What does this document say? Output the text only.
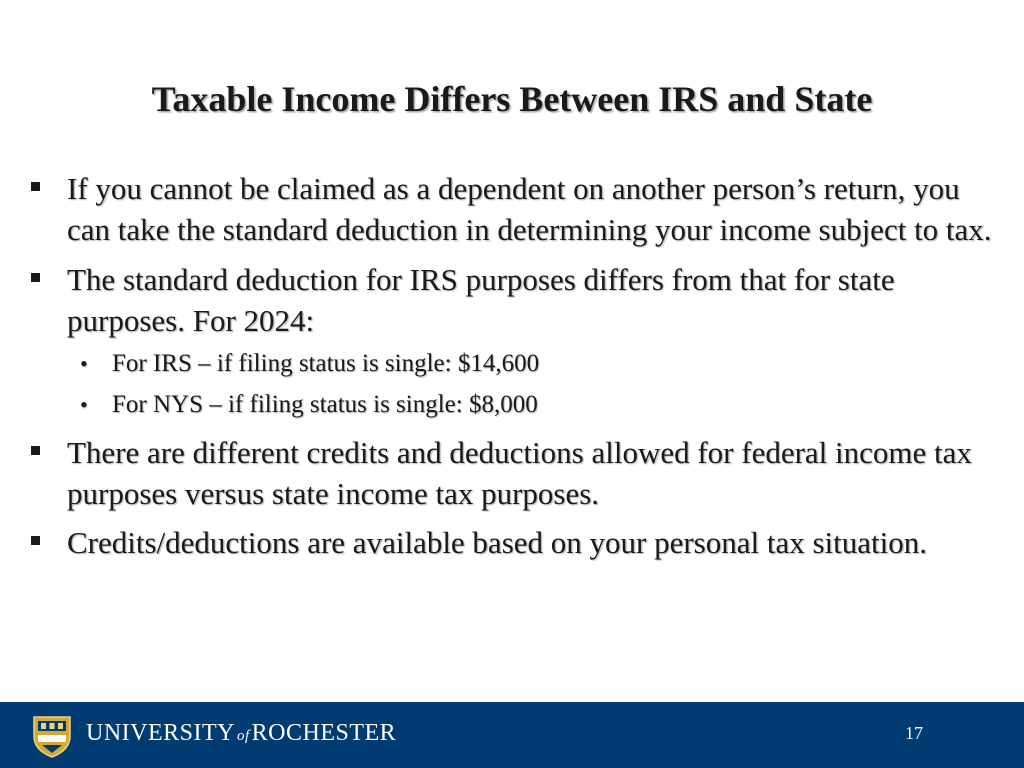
Taxable Income Differs Between IRS and State
If you cannot be claimed as a dependent on another person’s return, you can take the standard deduction in determining your income subject to tax.
The standard deduction for IRS purposes differs from that for state purposes. For 2024:
• For IRS – if filing status is single: $14,600
• For NYS – if filing status is single: $8,000
There are different credits and deductions allowed for federal income tax purposes versus state income tax purposes.
Credits/deductions are available based on your personal tax situation.
UNIVERSITY ofROCHESTER	17
